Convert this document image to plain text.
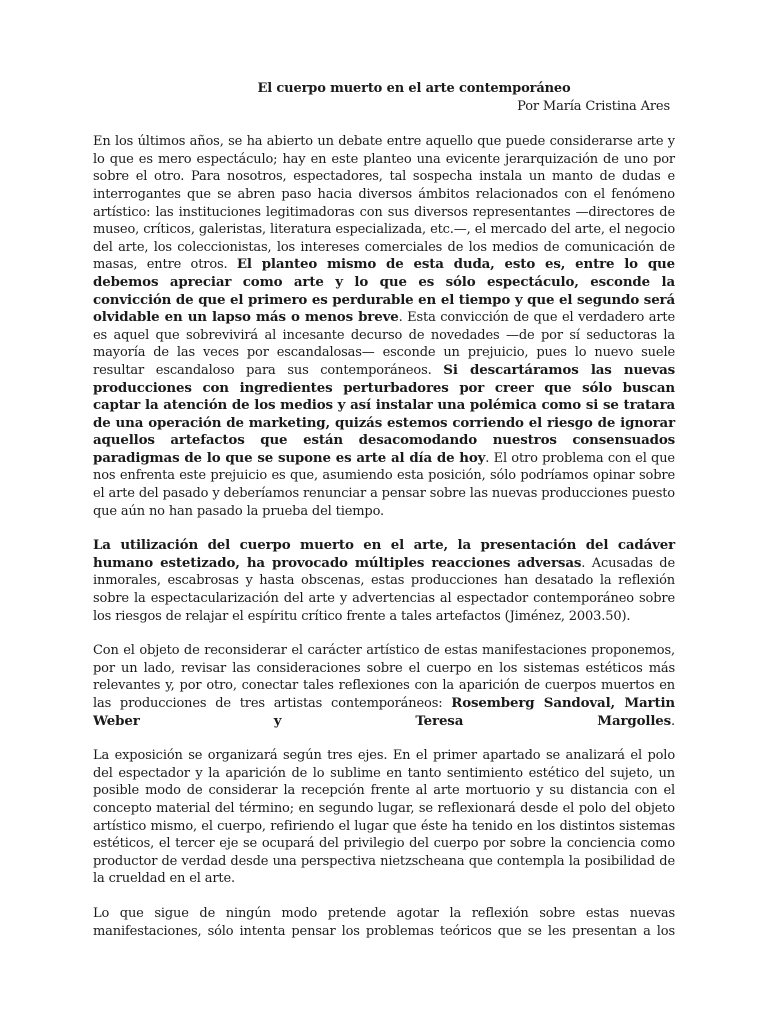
El cuerpo muerto en el arte contemporáneo

Por María Cristina Ares

En los últimos años, se ha abierto un debate entre aquello que puede considerarse arte y lo que es mero espectáculo; hay en este planteo una evicente jerarquización de uno por sobre el otro. Para nosotros, espectadores, tal sospecha instala un manto de dudas e interrogantes que se abren paso hacia diversos ámbitos relacionados con el fenómeno artístico: las instituciones legitimadoras con sus diversos representantes —directores de museo, críticos, galeristas, literatura especializada, etc.—, el mercado del arte, el negocio del arte, los coleccionistas, los intereses comerciales de los medios de comunicación de masas, entre otros. El planteo mismo de esta duda, esto es, entre lo que debemos apreciar como arte y lo que es sólo espectáculo, esconde la convicción de que el primero es perdurable en el tiempo y que el segundo será olvidable en un lapso más o menos breve. Esta convicción de que el verdadero arte es aquel que sobrevivirá al incesante decurso de novedades —de por sí seductoras la mayoría de las veces por escandalosas— esconde un prejuicio, pues lo nuevo suele resultar escandaloso para sus contemporáneos. Si descartáramos las nuevas producciones con ingredientes perturbadores por creer que sólo buscan captar la atención de los medios y así instalar una polémica como si se tratara de una operación de marketing, quizás estemos corriendo el riesgo de ignorar aquellos artefactos que están desacomodando nuestros consensuados paradigmas de lo que se supone es arte al día de hoy. El otro problema con el que nos enfrenta este prejuicio es que, asumiendo esta posición, sólo podríamos opinar sobre el arte del pasado y deberíamos renunciar a pensar sobre las nuevas producciones puesto que aún no han pasado la prueba del tiempo.

La utilización del cuerpo muerto en el arte, la presentación del cadáver humano estetizado, ha provocado múltiples reacciones adversas. Acusadas de inmorales, escabrosas y hasta obscenas, estas producciones han desatado la reflexión sobre la espectacularización del arte y advertencias al espectador contemporáneo sobre los riesgos de relajar el espíritu crítico frente a tales artefactos (Jiménez, 2003.50).

Con el objeto de reconsiderar el carácter artístico de estas manifestaciones proponemos, por un lado, revisar las consideraciones sobre el cuerpo en los sistemas estéticos más relevantes y, por otro, conectar tales reflexiones con la aparición de cuerpos muertos en las producciones de tres artistas contemporáneos: Rosemberg Sandoval, Martin Weber y Teresa Margolles.

La exposición se organizará según tres ejes. En el primer apartado se analizará el polo del espectador y la aparición de lo sublime en tanto sentimiento estético del sujeto, un posible modo de considerar la recepción frente al arte mortuorio y su distancia con el concepto material del término; en segundo lugar, se reflexionará desde el polo del objeto artístico mismo, el cuerpo, refiriendo el lugar que éste ha tenido en los distintos sistemas estéticos, el tercer eje se ocupará del privilegio del cuerpo por sobre la conciencia como productor de verdad desde una perspectiva nietzscheana que contempla la posibilidad de la crueldad en el arte.

Lo que sigue de ningún modo pretende agotar la reflexión sobre estas nuevas manifestaciones, sólo intenta pensar los problemas teóricos que se les presentan a los
